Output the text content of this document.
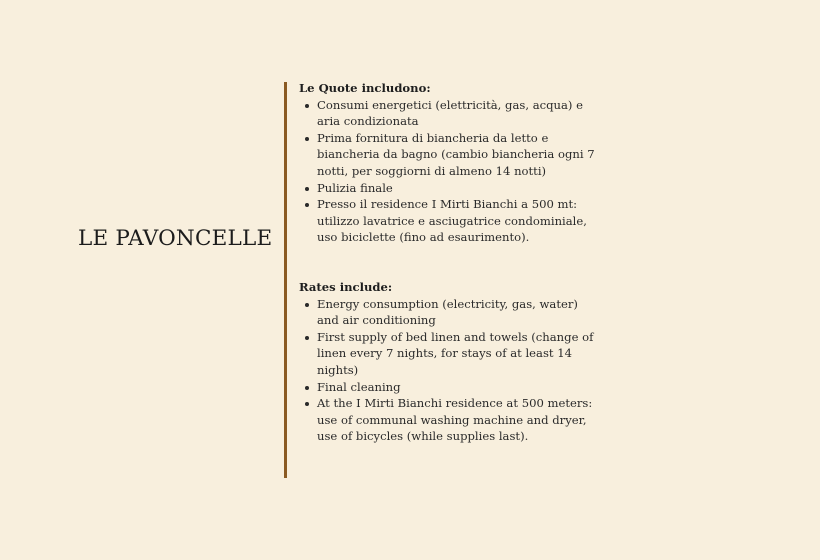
LE PAVONCELLE

Le Quote includono:

Consumi energetici (elettricità, gas, acqua) e aria condizionata
Prima fornitura di biancheria da letto e biancheria da bagno (cambio biancheria ogni 7 notti, per soggiorni di almeno 14 notti)
Pulizia finale
Presso il residence I Mirti Bianchi a 500 mt: utilizzo lavatrice e asciugatrice condominiale, uso biciclette (fino ad esaurimento).

Rates include:

Energy consumption (electricity, gas, water) and air conditioning
First supply of bed linen and towels (change of linen every 7 nights, for stays of at least 14 nights)
Final cleaning
At the I Mirti Bianchi residence at 500 meters: use of communal washing machine and dryer, use of bicycles (while supplies last).
